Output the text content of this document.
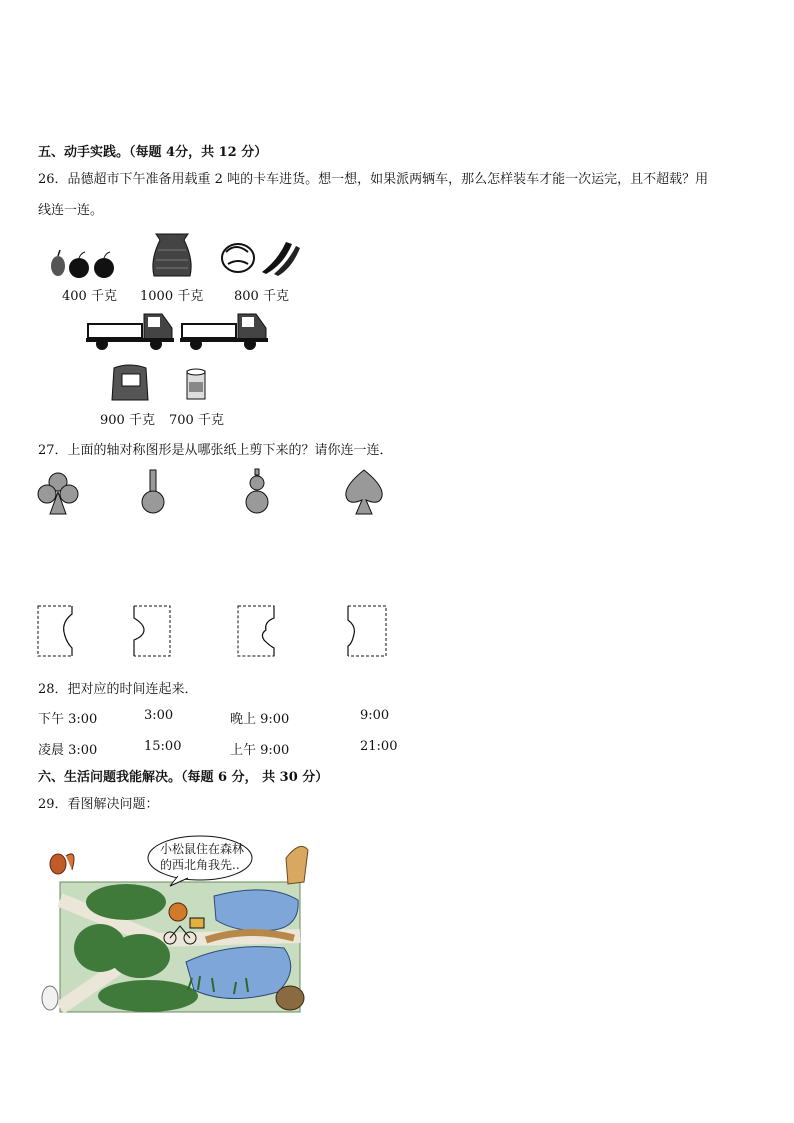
五、动手实践。（每题 4分，共 12 分）
26．品德超市下午准备用载重 2 吨的卡车进货。想一想，如果派两辆车，那么怎样装车才能一次运完，且不超载？用
线连一连。
400 千克 1000 千克 800 千克
900 千克 700 千克
27．上面的轴对称图形是从哪张纸上剪下来的？请你连一连．
28．把对应的时间连起来．
下午 3:00	3:00	晚上 9:00	9:00
凌晨 3:00	15:00	上午 9:00	21:00
六、生活问题我能解决。（每题 6 分， 共 30 分）
29．看图解决问题：
小松鼠住在森林
的西北角我先..
